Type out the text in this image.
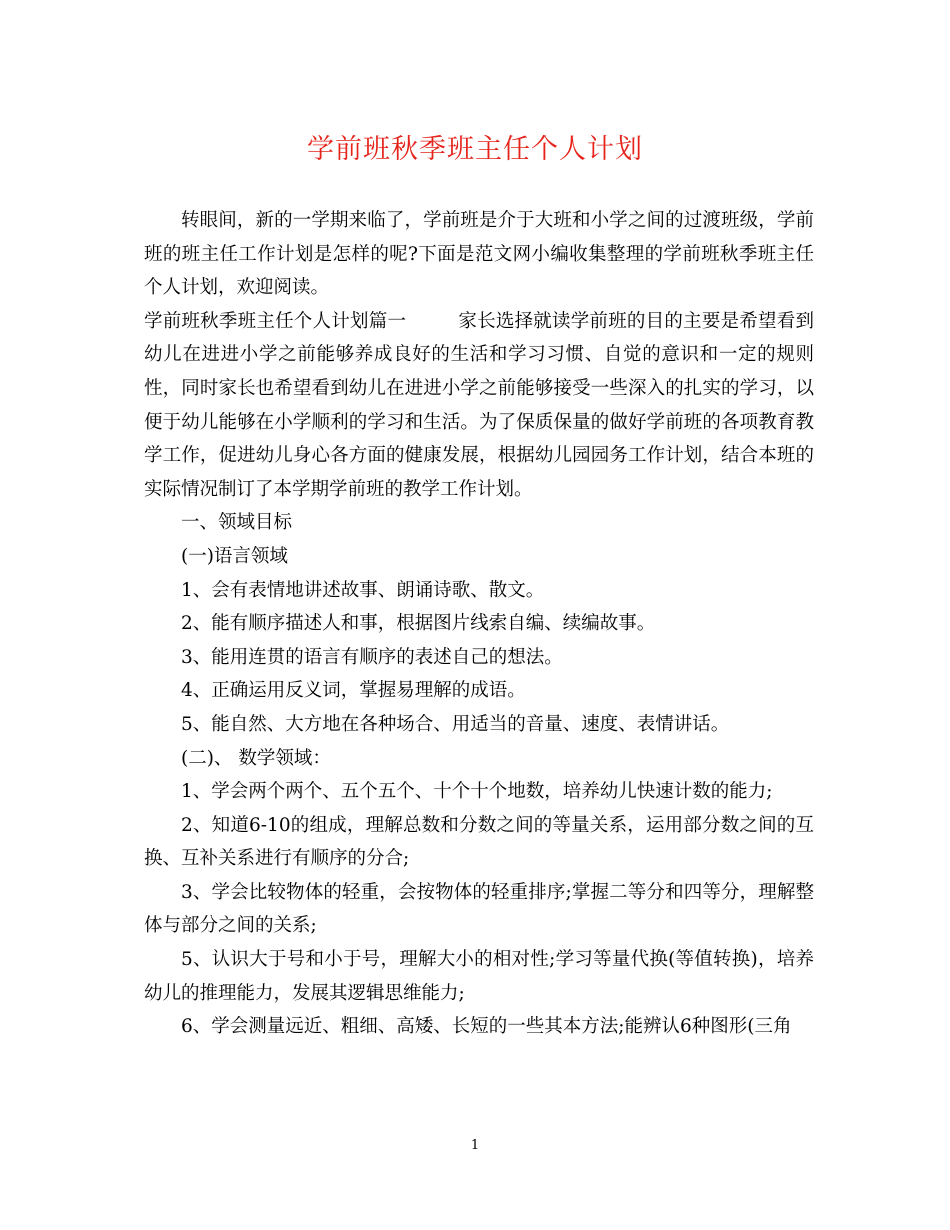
学前班秋季班主任个人计划

转眼间，新的一学期来临了，学前班是介于大班和小学之间的过渡班级，学前班的班主任工作计划是怎样的呢?下面是范文网小编收集整理的学前班秋季班主任个人计划，欢迎阅读。

学前班秋季班主任个人计划篇一	家长选择就读学前班的目的主要是希望看到幼儿在进进小学之前能够养成良好的生活和学习习惯、自觉的意识和一定的规则性，同时家长也希望看到幼儿在进进小学之前能够接受一些深入的扎实的学习，以便于幼儿能够在小学顺利的学习和生活。为了保质保量的做好学前班的各项教育教学工作，促进幼儿身心各方面的健康发展，根据幼儿园园务工作计划，结合本班的实际情况制订了本学期学前班的教学工作计划。

一、领域目标

(一)语言领域

1、会有表情地讲述故事、朗诵诗歌、散文。

2、能有顺序描述人和事，根据图片线索自编、续编故事。

3、能用连贯的语言有顺序的表述自己的想法。

4、正确运用反义词，掌握易理解的成语。

5、能自然、大方地在各种场合、用适当的音量、速度、表情讲话。

(二)、 数学领域：

1、学会两个两个、五个五个、十个十个地数，培养幼儿快速计数的能力;

2、知道6-10的组成，理解总数和分数之间的等量关系，运用部分数之间的互换、互补关系进行有顺序的分合;

3、学会比较物体的轻重，会按物体的轻重排序;掌握二等分和四等分，理解整体与部分之间的关系;

5、认识大于号和小于号，理解大小的相对性;学习等量代换(等值转换)，培养幼儿的推理能力，发展其逻辑思维能力;

6、学会测量远近、粗细、高矮、长短的一些其本方法;能辨认6种图形(三角

1
